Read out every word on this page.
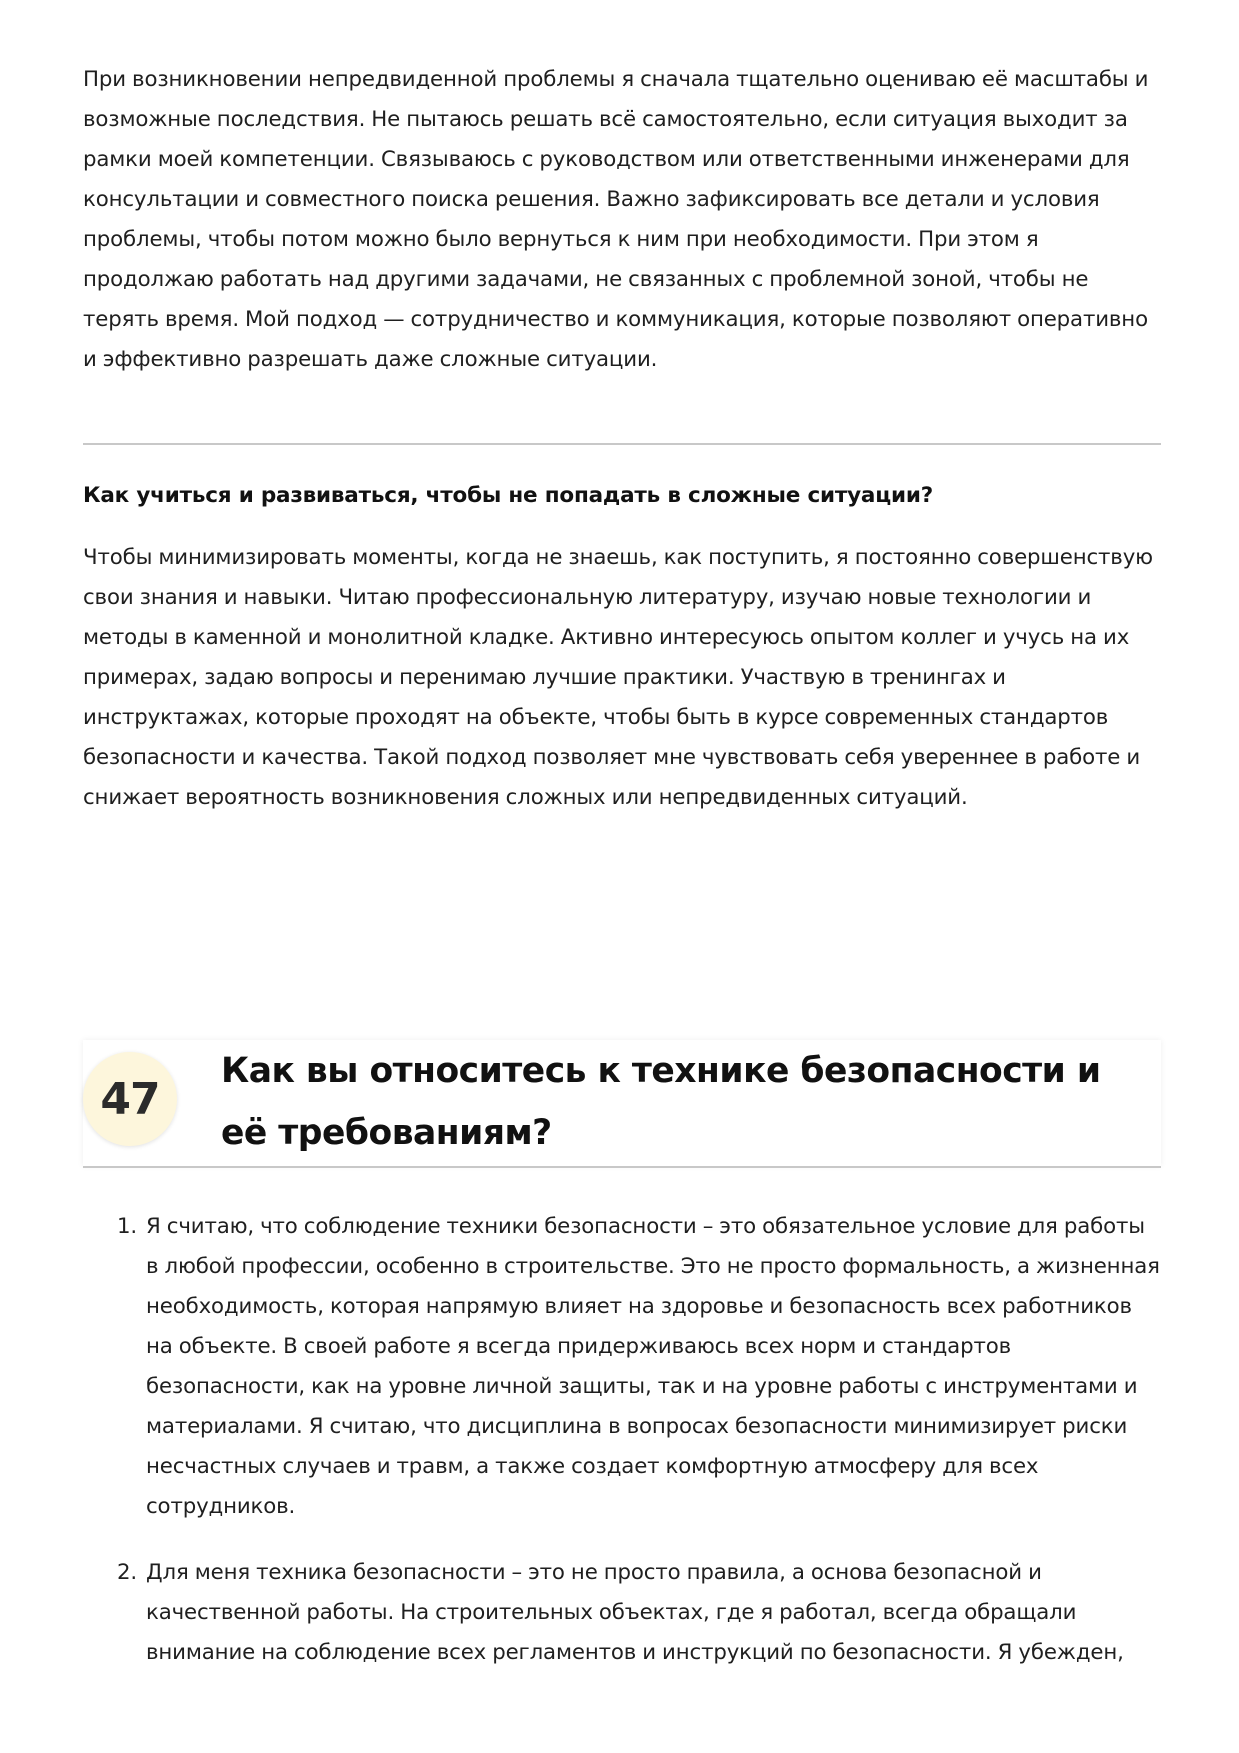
При возникновении непредвиденной проблемы я сначала тщательно оцениваю её масштабы и возможные последствия. Не пытаюсь решать всё самостоятельно, если ситуация выходит за рамки моей компетенции. Связываюсь с руководством или ответственными инженерами для консультации и совместного поиска решения. Важно зафиксировать все детали и условия проблемы, чтобы потом можно было вернуться к ним при необходимости. При этом я продолжаю работать над другими задачами, не связанных с проблемной зоной, чтобы не терять время. Мой подход — сотрудничество и коммуникация, которые позволяют оперативно и эффективно разрешать даже сложные ситуации.

Как учиться и развиваться, чтобы не попадать в сложные ситуации?

Чтобы минимизировать моменты, когда не знаешь, как поступить, я постоянно совершенствую свои знания и навыки. Читаю профессиональную литературу, изучаю новые технологии и методы в каменной и монолитной кладке. Активно интересуюсь опытом коллег и учусь на их примерах, задаю вопросы и перенимаю лучшие практики. Участвую в тренингах и инструктажах, которые проходят на объекте, чтобы быть в курсе современных стандартов безопасности и качества. Такой подход позволяет мне чувствовать себя увереннее в работе и снижает вероятность возникновения сложных или непредвиденных ситуаций.

47
Как вы относитесь к технике безопасности и её требованиям?
1. Я считаю, что соблюдение техники безопасности – это обязательное условие для работы в любой профессии, особенно в строительстве. Это не просто формальность, а жизненная необходимость, которая напрямую влияет на здоровье и безопасность всех работников на объекте. В своей работе я всегда придерживаюсь всех норм и стандартов безопасности, как на уровне личной защиты, так и на уровне работы с инструментами и материалами. Я считаю, что дисциплина в вопросах безопасности минимизирует риски несчастных случаев и травм, а также создает комфортную атмосферу для всех сотрудников.
2. Для меня техника безопасности – это не просто правила, а основа безопасной и качественной работы. На строительных объектах, где я работал, всегда обращали внимание на соблюдение всех регламентов и инструкций по безопасности. Я убежден,
